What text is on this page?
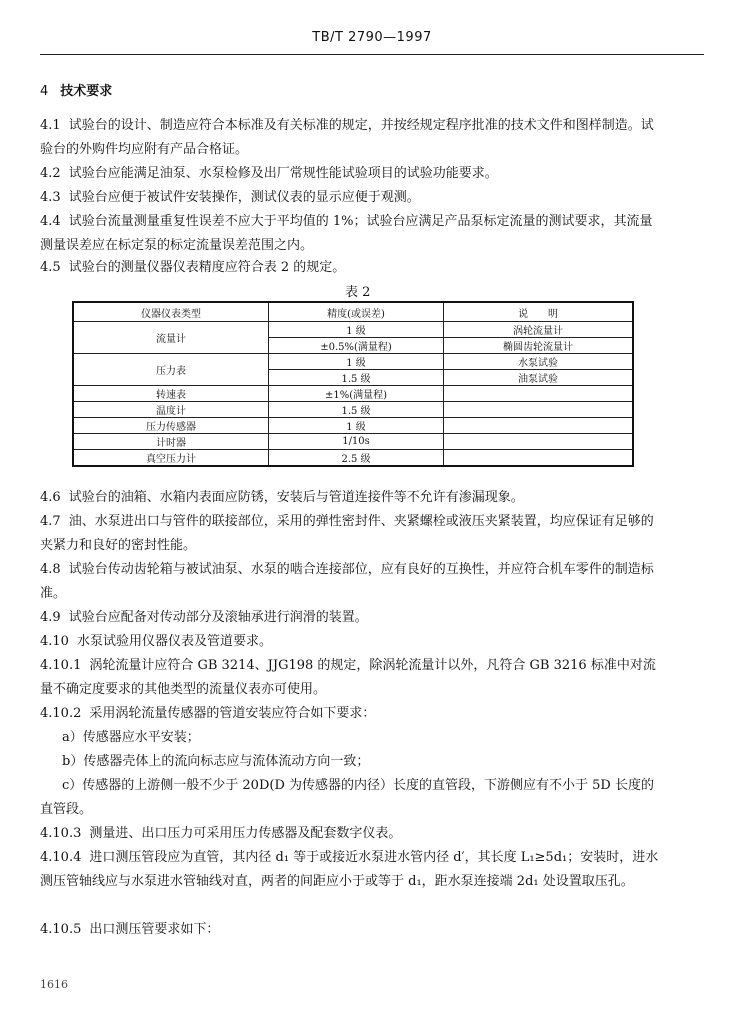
TB/T 2790—1997
4 技术要求

4.1 试验台的设计、制造应符合本标准及有关标准的规定，并按经规定程序批准的技术文件和图样制造。试验台的外购件均应附有产品合格证。

4.2 试验台应能满足油泵、水泵检修及出厂常规性能试验项目的试验功能要求。

4.3 试验台应便于被试件安装操作，测试仪表的显示应便于观测。

4.4 试验台流量测量重复性误差不应大于平均值的 1%；试验台应满足产品泵标定流量的测试要求，其流量测量误差应在标定泵的标定流量误差范围之内。

4.5 试验台的测量仪器仪表精度应符合表 2 的规定。

表 2
仪器仪表类型	精度(或误差)	说　　明
流量计	1 级	涡轮流量计
	±0.5%(满量程)	椭圆齿轮流量计
压力表	1 级	水泵试验
	1.5 级	油泵试验
转速表	±1%(满量程)	
温度计	1.5 级	
压力传感器	1 级	
计时器	1/10s	
真空压力计	2.5 级	

4.6 试验台的油箱、水箱内表面应防锈，安装后与管道连接件等不允许有渗漏现象。

4.7 油、水泵进出口与管件的联接部位，采用的弹性密封件、夹紧螺栓或液压夹紧装置，均应保证有足够的夹紧力和良好的密封性能。

4.8 试验台传动齿轮箱与被试油泵、水泵的啮合连接部位，应有良好的互换性，并应符合机车零件的制造标准。

4.9 试验台应配备对传动部分及滚轴承进行润滑的装置。

4.10 水泵试验用仪器仪表及管道要求。

4.10.1 涡轮流量计应符合 GB 3214、JJG198 的规定，除涡轮流量计以外，凡符合 GB 3216 标准中对流量不确定度要求的其他类型的流量仪表亦可使用。

4.10.2 采用涡轮流量传感器的管道安装应符合如下要求：

a）传感器应水平安装；
b）传感器壳体上的流向标志应与流体流动方向一致；

c）传感器的上游侧一般不少于 20D(D 为传感器的内径）长度的直管段，下游侧应有不小于 5D 长度的直管段。

4.10.3 测量进、出口压力可采用压力传感器及配套数字仪表。

4.10.4 进口测压管段应为直管，其内径 d₁ 等于或接近水泵进水管内径 d′，其长度 L₁≥5d₁；安装时，进水测压管轴线应与水泵进水管轴线对直，两者的间距应小于或等于 d₁，距水泵连接端 2d₁ 处设置取压孔。

4.10.5 出口测压管要求如下：

1616
